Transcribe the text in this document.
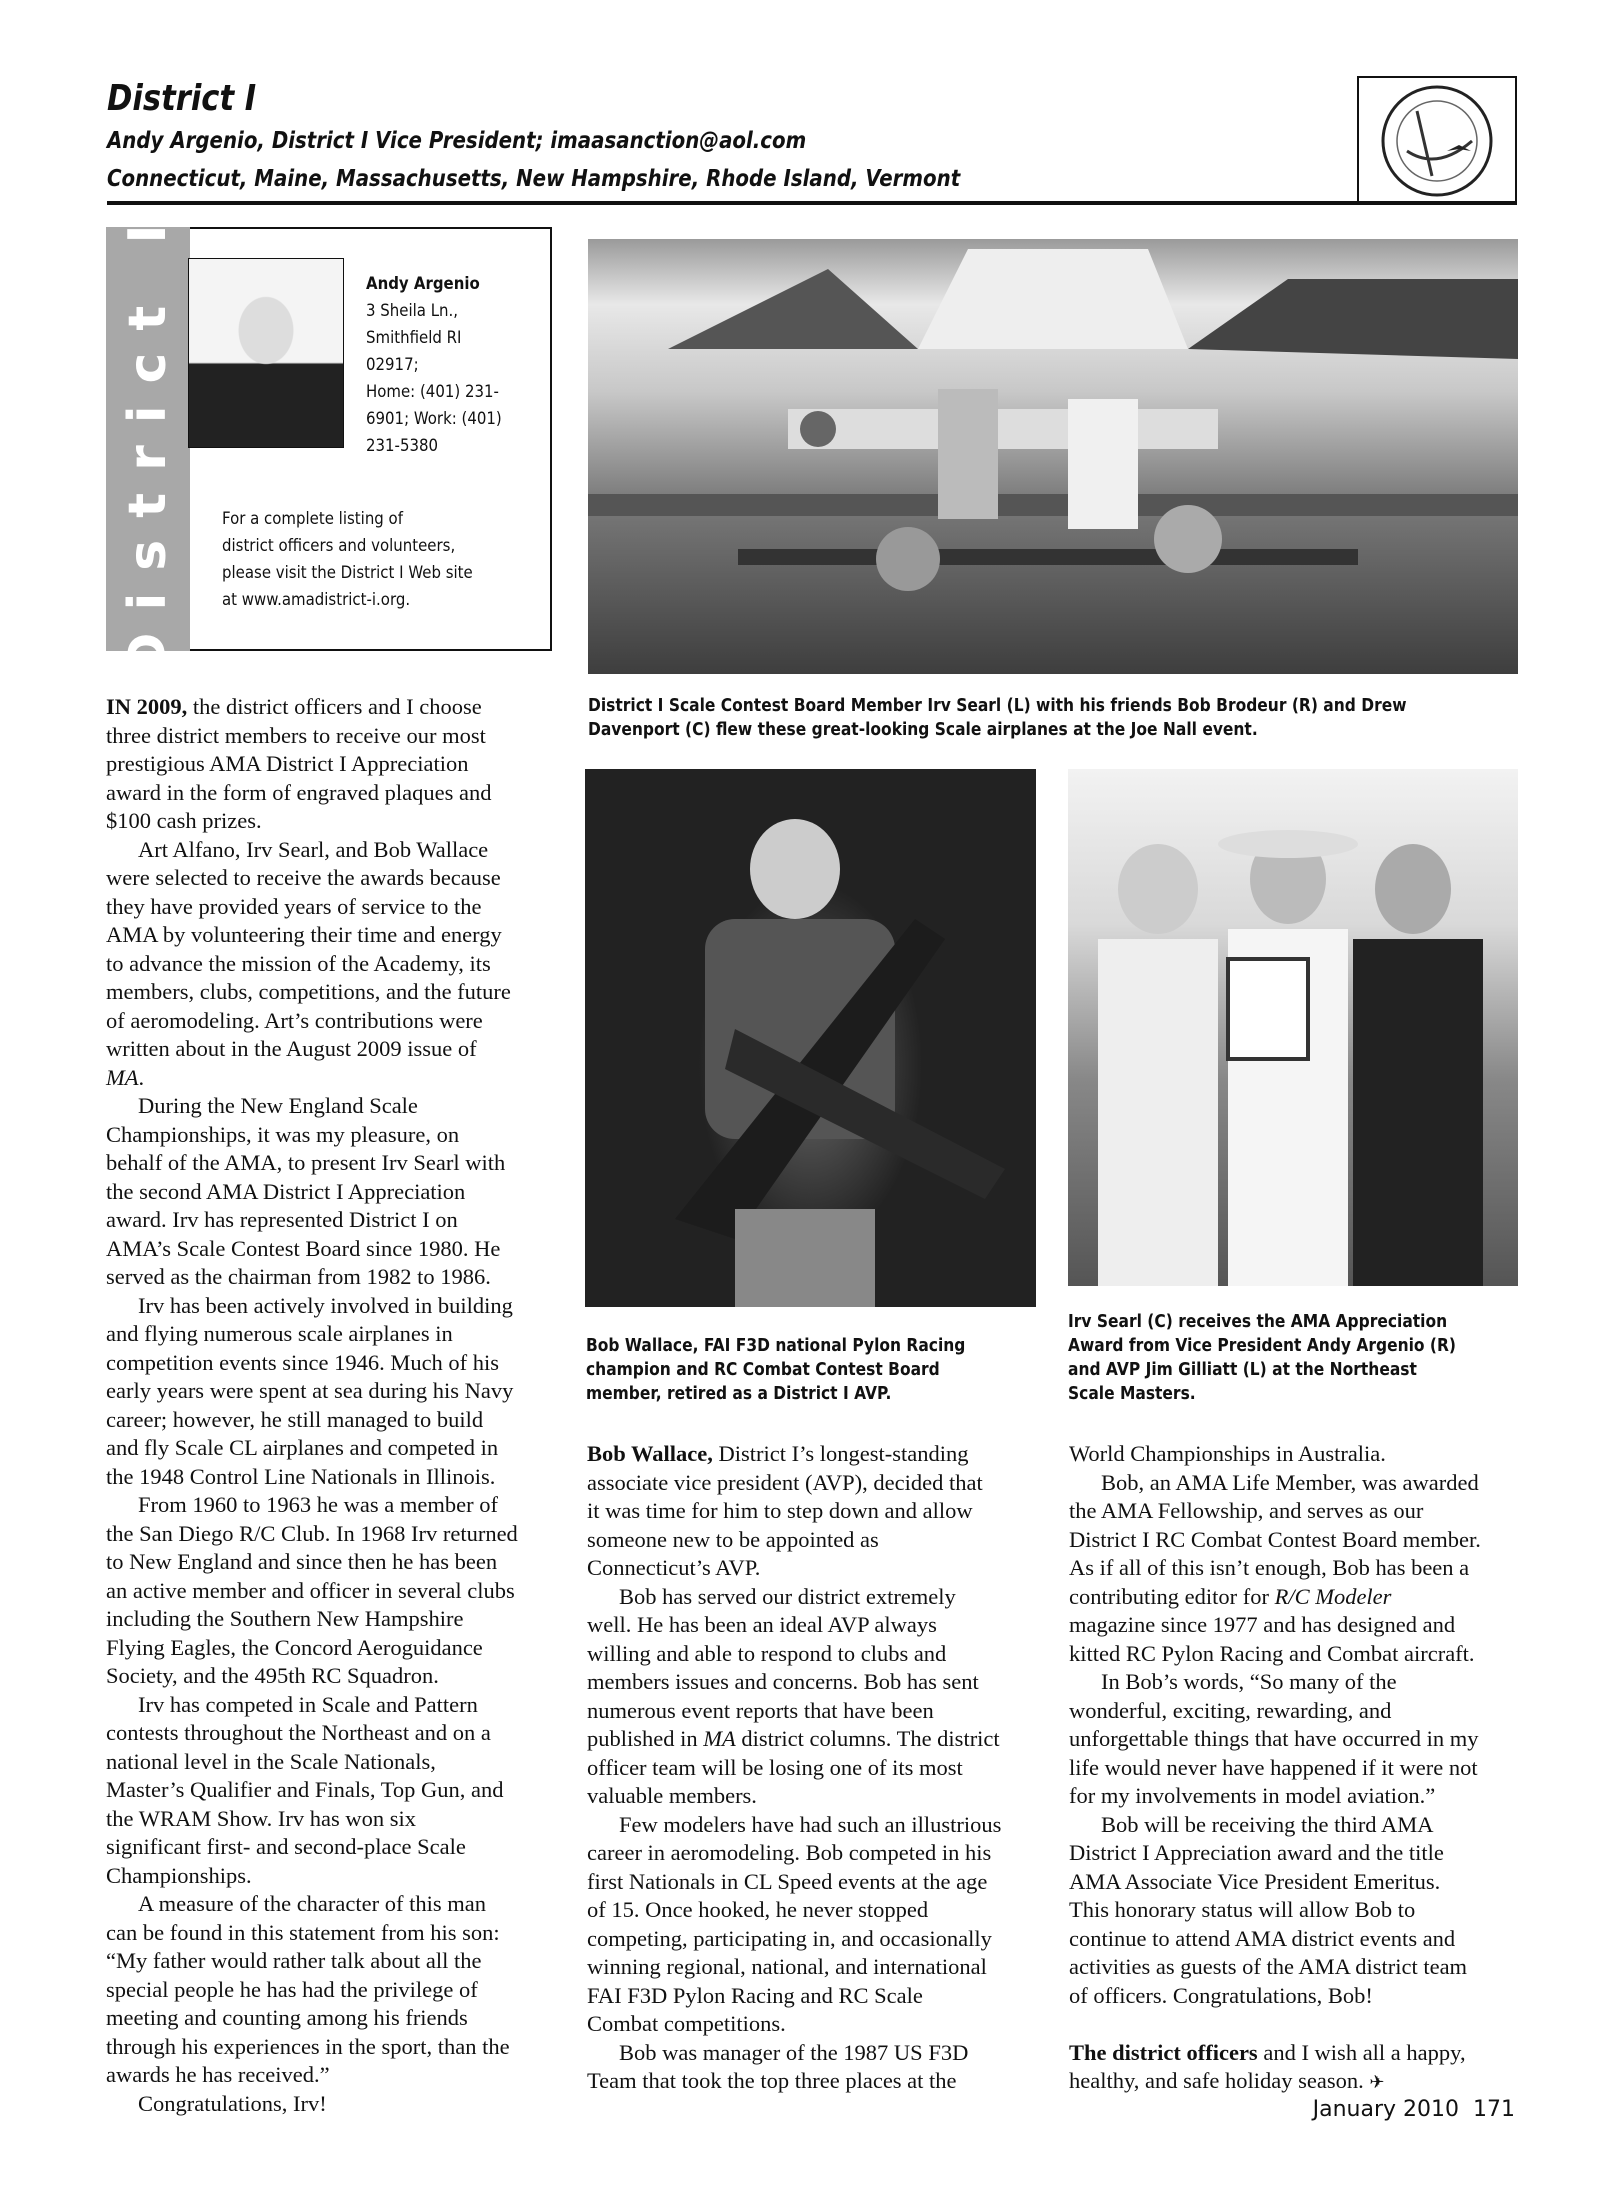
District I
Andy Argenio, District I Vice President; imaasanction@aol.com
Connecticut, Maine, Massachusetts, New Hampshire, Rhode Island, Vermont
District I	Andy Argenio
3 Sheila Ln.,
Smithfield RI
02917;
Home: (401) 231-
6901; Work: (401)
231-5380
For a complete listing of
district officers and volunteers,
please visit the District I Web site
at www.amadistrict-i.org.
District I Scale Contest Board Member Irv Searl (L) with his friends Bob Brodeur (R) and Drew
Davenport (C) flew these great-looking Scale airplanes at the Joe Nall event.
Bob Wallace, FAI F3D national Pylon Racing
champion and RC Combat Contest Board
member, retired as a District I AVP.
Irv Searl (C) receives the AMA Appreciation
Award from Vice President Andy Argenio (R)
and AVP Jim Gilliatt (L) at the Northeast
Scale Masters.
IN 2009, the district officers and I choose
three district members to receive our most
prestigious AMA District I Appreciation
award in the form of engraved plaques and
$100 cash prizes.
Art Alfano, Irv Searl, and Bob Wallace
were selected to receive the awards because
they have provided years of service to the
AMA by volunteering their time and energy
to advance the mission of the Academy, its
members, clubs, competitions, and the future
of aeromodeling. Art’s contributions were
written about in the August 2009 issue of
MA.
During the New England Scale
Championships, it was my pleasure, on
behalf of the AMA, to present Irv Searl with
the second AMA District I Appreciation
award. Irv has represented District I on
AMA’s Scale Contest Board since 1980. He
served as the chairman from 1982 to 1986.
Irv has been actively involved in building
and flying numerous scale airplanes in
competition events since 1946. Much of his
early years were spent at sea during his Navy
career; however, he still managed to build
and fly Scale CL airplanes and competed in
the 1948 Control Line Nationals in Illinois.
From 1960 to 1963 he was a member of
the San Diego R/C Club. In 1968 Irv returned
to New England and since then he has been
an active member and officer in several clubs
including the Southern New Hampshire
Flying Eagles, the Concord Aeroguidance
Society, and the 495th RC Squadron.
Irv has competed in Scale and Pattern
contests throughout the Northeast and on a
national level in the Scale Nationals,
Master’s Qualifier and Finals, Top Gun, and
the WRAM Show. Irv has won six
significant first- and second-place Scale
Championships.
A measure of the character of this man
can be found in this statement from his son:
“My father would rather talk about all the
special people he has had the privilege of
meeting and counting among his friends
through his experiences in the sport, than the
awards he has received.”
Congratulations, Irv!
Bob Wallace, District I’s longest-standing
associate vice president (AVP), decided that
it was time for him to step down and allow
someone new to be appointed as
Connecticut’s AVP.
Bob has served our district extremely
well. He has been an ideal AVP always
willing and able to respond to clubs and
members issues and concerns. Bob has sent
numerous event reports that have been
published in MA district columns. The district
officer team will be losing one of its most
valuable members.
Few modelers have had such an illustrious
career in aeromodeling. Bob competed in his
first Nationals in CL Speed events at the age
of 15. Once hooked, he never stopped
competing, participating in, and occasionally
winning regional, national, and international
FAI F3D Pylon Racing and RC Scale
Combat competitions.
Bob was manager of the 1987 US F3D
Team that took the top three places at the
World Championships in Australia.
Bob, an AMA Life Member, was awarded
the AMA Fellowship, and serves as our
District I RC Combat Contest Board member.
As if all of this isn’t enough, Bob has been a
contributing editor for R/C Modeler
magazine since 1977 and has designed and
kitted RC Pylon Racing and Combat aircraft.
In Bob’s words, “So many of the
wonderful, exciting, rewarding, and
unforgettable things that have occurred in my
life would never have happened if it were not
for my involvements in model aviation.”
Bob will be receiving the third AMA
District I Appreciation award and the title
AMA Associate Vice President Emeritus.
This honorary status will allow Bob to
continue to attend AMA district events and
activities as guests of the AMA district team
of officers. Congratulations, Bob!
The district officers and I wish all a happy,
healthy, and safe holiday season. ✈
January 2010 171
